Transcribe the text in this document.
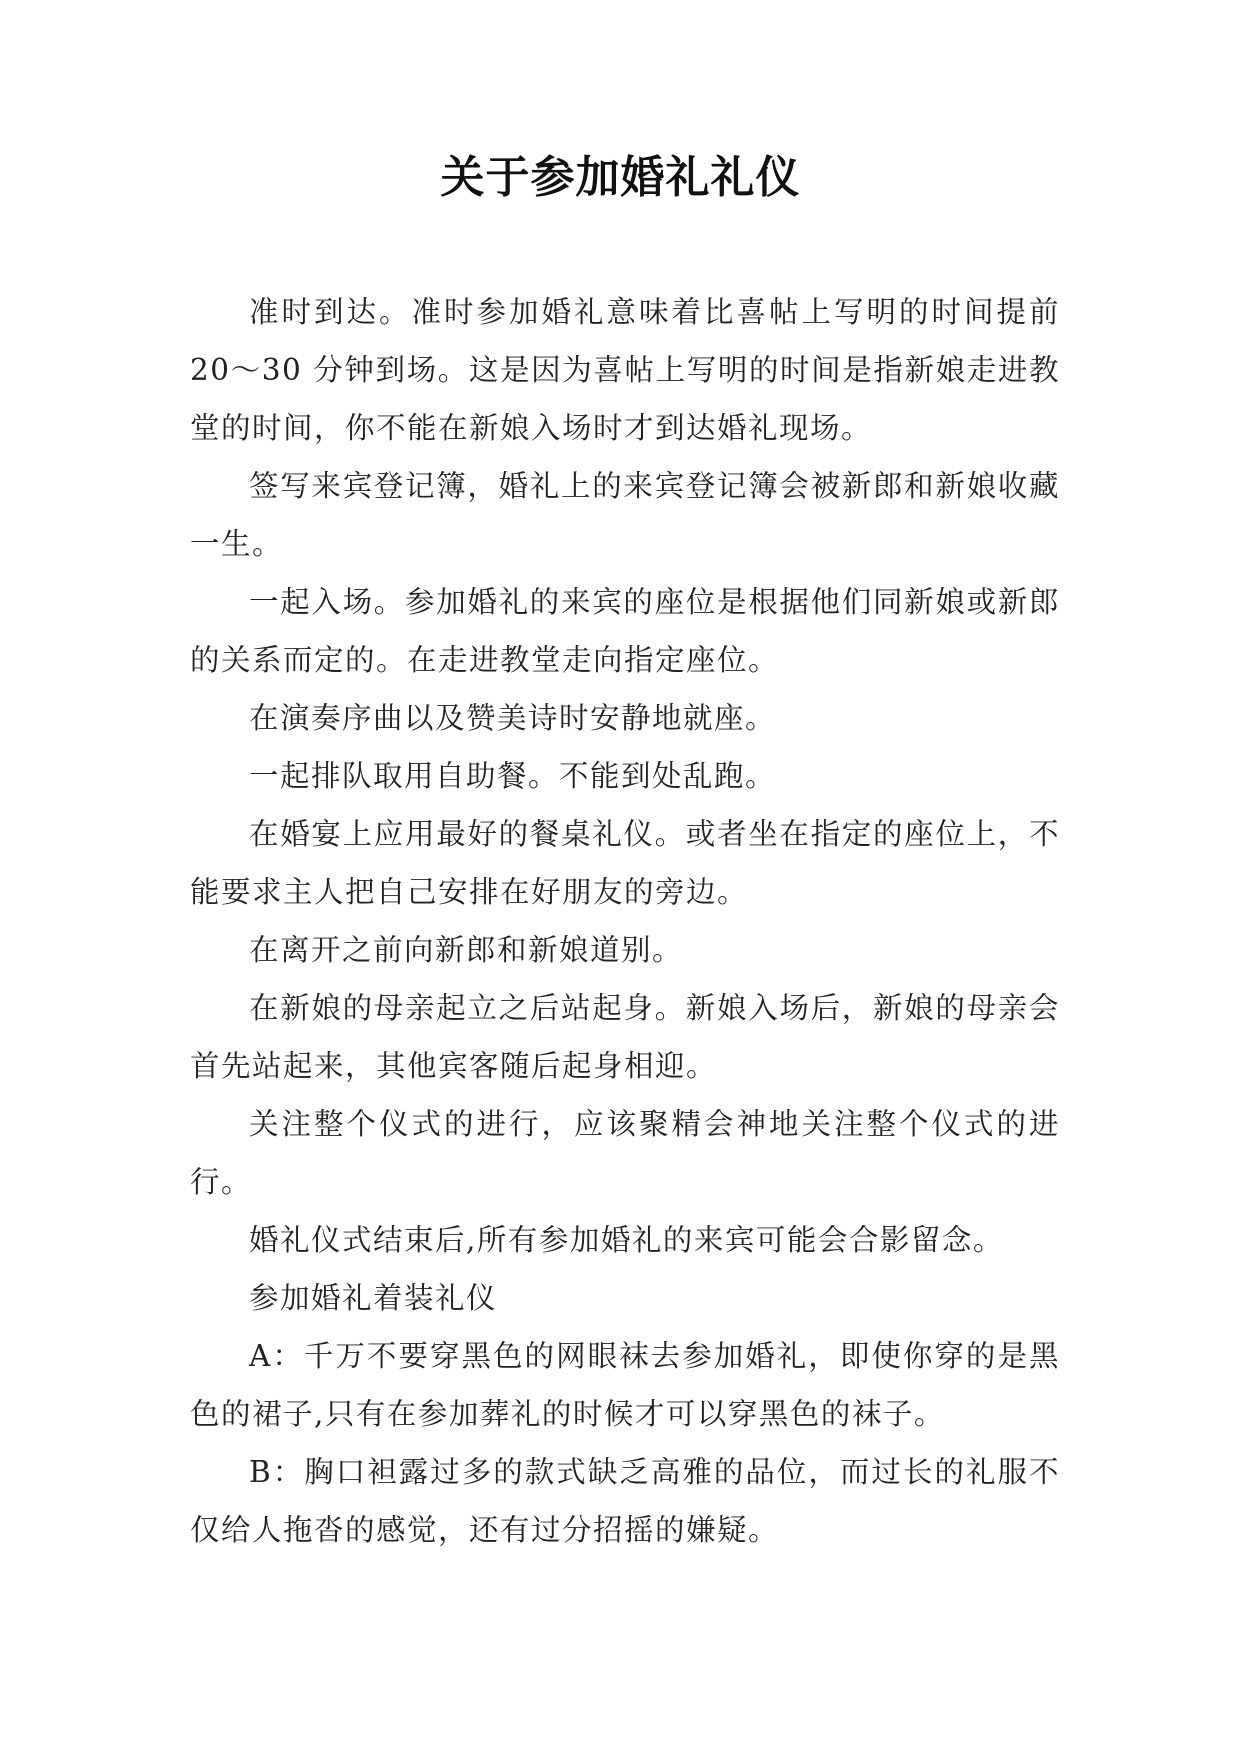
关于参加婚礼礼仪

准时到达。准时参加婚礼意味着比喜帖上写明的时间提前 20～30 分钟到场。这是因为喜帖上写明的时间是指新娘走进教堂的时间，你不能在新娘入场时才到达婚礼现场。

签写来宾登记簿，婚礼上的来宾登记簿会被新郎和新娘收藏一生。

一起入场。参加婚礼的来宾的座位是根据他们同新娘或新郎的关系而定的。在走进教堂走向指定座位。

在演奏序曲以及赞美诗时安静地就座。

一起排队取用自助餐。不能到处乱跑。

在婚宴上应用最好的餐桌礼仪。或者坐在指定的座位上，不能要求主人把自己安排在好朋友的旁边。

在离开之前向新郎和新娘道别。

在新娘的母亲起立之后站起身。新娘入场后，新娘的母亲会首先站起来，其他宾客随后起身相迎。

关注整个仪式的进行，应该聚精会神地关注整个仪式的进行。

婚礼仪式结束后,所有参加婚礼的来宾可能会合影留念。

参加婚礼着装礼仪

A：千万不要穿黑色的网眼袜去参加婚礼，即使你穿的是黑色的裙子,只有在参加葬礼的时候才可以穿黑色的袜子。

B：胸口袒露过多的款式缺乏高雅的品位，而过长的礼服不仅给人拖沓的感觉，还有过分招摇的嫌疑。
